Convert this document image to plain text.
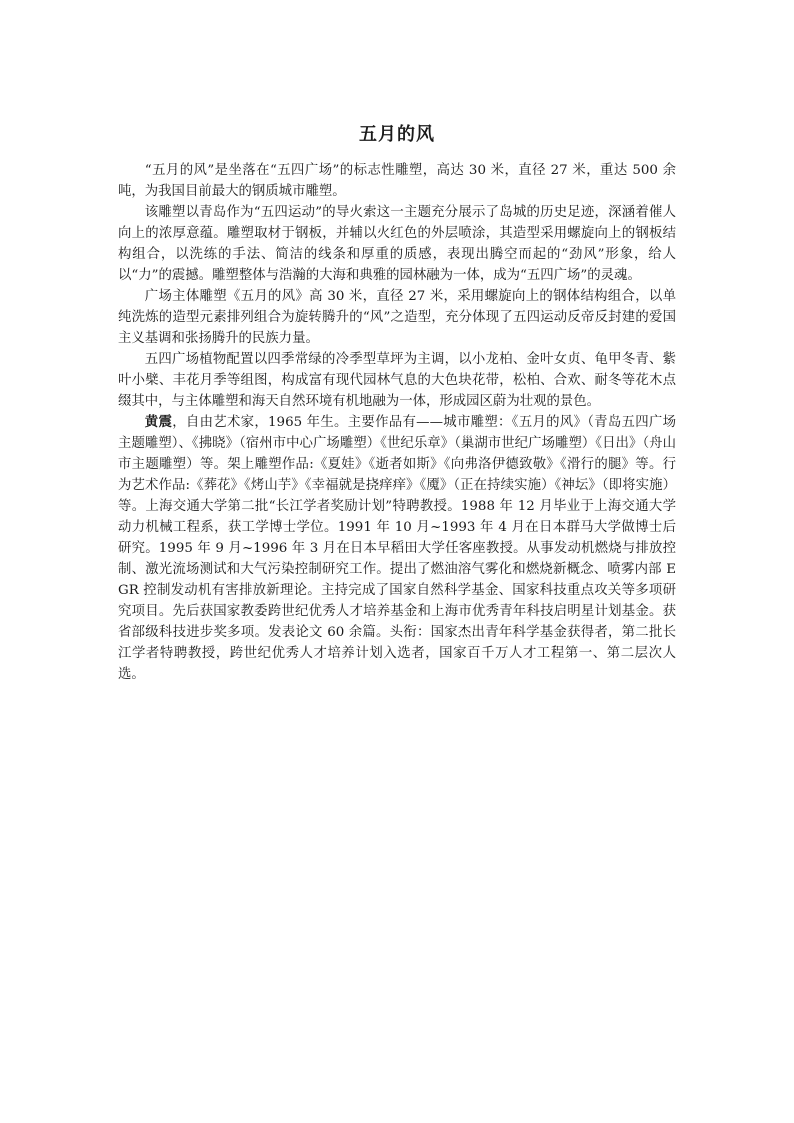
五月的风

“五月的风”是坐落在“五四广场”的标志性雕塑，高达 30 米，直径 27 米，重达 500 余吨，为我国目前最大的钢质城市雕塑。

该雕塑以青岛作为“五四运动”的导火索这一主题充分展示了岛城的历史足迹，深涵着催人向上的浓厚意蕴。雕塑取材于钢板，并辅以火红色的外层喷涂，其造型采用螺旋向上的钢板结构组合，以洗练的手法、简洁的线条和厚重的质感，表现出腾空而起的“劲风”形象，给人以“力”的震撼。雕塑整体与浩瀚的大海和典雅的园林融为一体，成为“五四广场”的灵魂。

广场主体雕塑《五月的风》高 30 米，直径 27 米，采用螺旋向上的钢体结构组合，以单纯洗炼的造型元素排列组合为旋转腾升的“风”之造型，充分体现了五四运动反帝反封建的爱国主义基调和张扬腾升的民族力量。

五四广场植物配置以四季常绿的冷季型草坪为主调，以小龙柏、金叶女贞、龟甲冬青、紫叶小檗、丰花月季等组图，构成富有现代园林气息的大色块花带，松柏、合欢、耐冬等花木点缀其中，与主体雕塑和海天自然环境有机地融为一体，形成园区蔚为壮观的景色。

黄震，自由艺术家，1965 年生。主要作品有——城市雕塑：《五月的风》（青岛五四广场主题雕塑）、《拂晓》（宿州市中心广场雕塑）《世纪乐章》（巢湖市世纪广场雕塑）《日出》（舟山市主题雕塑）等。架上雕塑作品:《夏娃》《逝者如斯》《向弗洛伊德致敬》《滑行的腿》等。行为艺术作品:《葬花》《烤山芋》《幸福就是挠痒痒》《魇》（正在持续实施）《神坛》（即将实施）等。上海交通大学第二批“长江学者奖励计划”特聘教授。1988 年 12 月毕业于上海交通大学动力机械工程系，获工学博士学位。1991 年 10 月~1993 年 4 月在日本群马大学做博士后研究。1995 年 9 月~1996 年 3 月在日本早稻田大学任客座教授。从事发动机燃烧与排放控制、激光流场测试和大气污染控制研究工作。提出了燃油溶气雾化和燃烧新概念、喷雾内部 EGR 控制发动机有害排放新理论。主持完成了国家自然科学基金、国家科技重点攻关等多项研究项目。先后获国家教委跨世纪优秀人才培养基金和上海市优秀青年科技启明星计划基金。获省部级科技进步奖多项。发表论文 60 余篇。头衔：国家杰出青年科学基金获得者，第二批长江学者特聘教授，跨世纪优秀人才培养计划入选者，国家百千万人才工程第一、第二层次人选。
